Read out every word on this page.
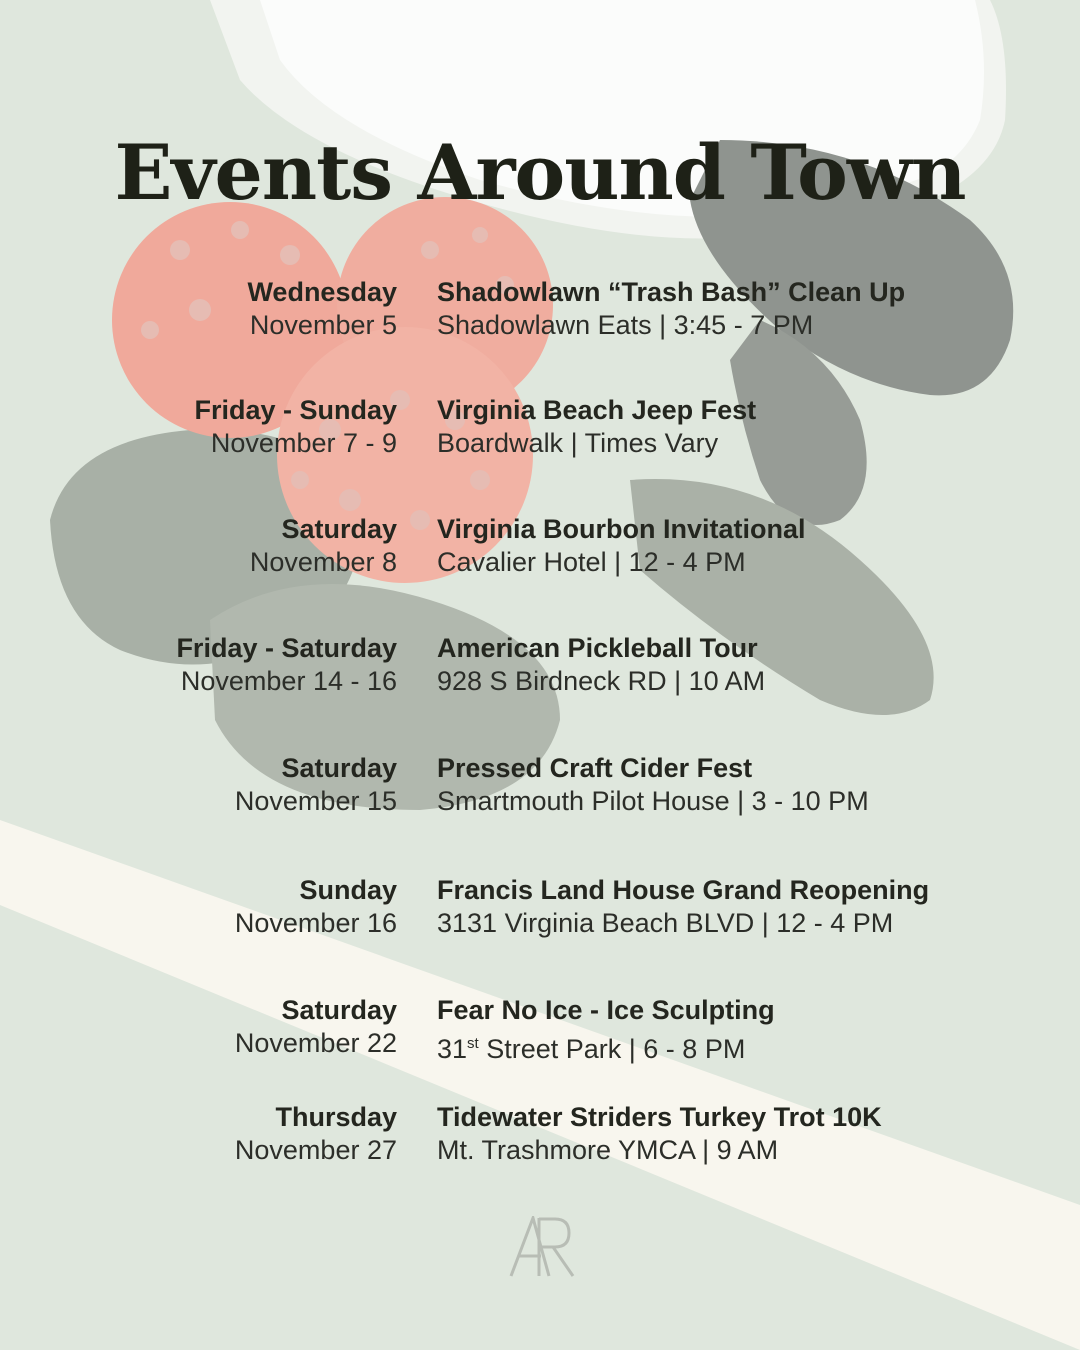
Events Around Town
Wednesday
November 5
Shadowlawn “Trash Bash” Clean Up
Shadowlawn Eats | 3:45 - 7 PM
Friday - Sunday
November 7 - 9
Virginia Beach Jeep Fest
Boardwalk | Times Vary
Saturday
November 8
Virginia Bourbon Invitational
Cavalier Hotel | 12 - 4 PM
Friday - Saturday
November 14 - 16
American Pickleball Tour
928 S Birdneck RD | 10 AM
Saturday
November 15
Pressed Craft Cider Fest
Smartmouth Pilot House | 3 - 10 PM
Sunday
November 16
Francis Land House Grand Reopening
3131 Virginia Beach BLVD | 12 - 4 PM
Saturday
November 22
Fear No Ice - Ice Sculpting
31st Street Park | 6 - 8 PM
Thursday
November 27
Tidewater Striders Turkey Trot 10K
Mt. Trashmore YMCA | 9 AM
